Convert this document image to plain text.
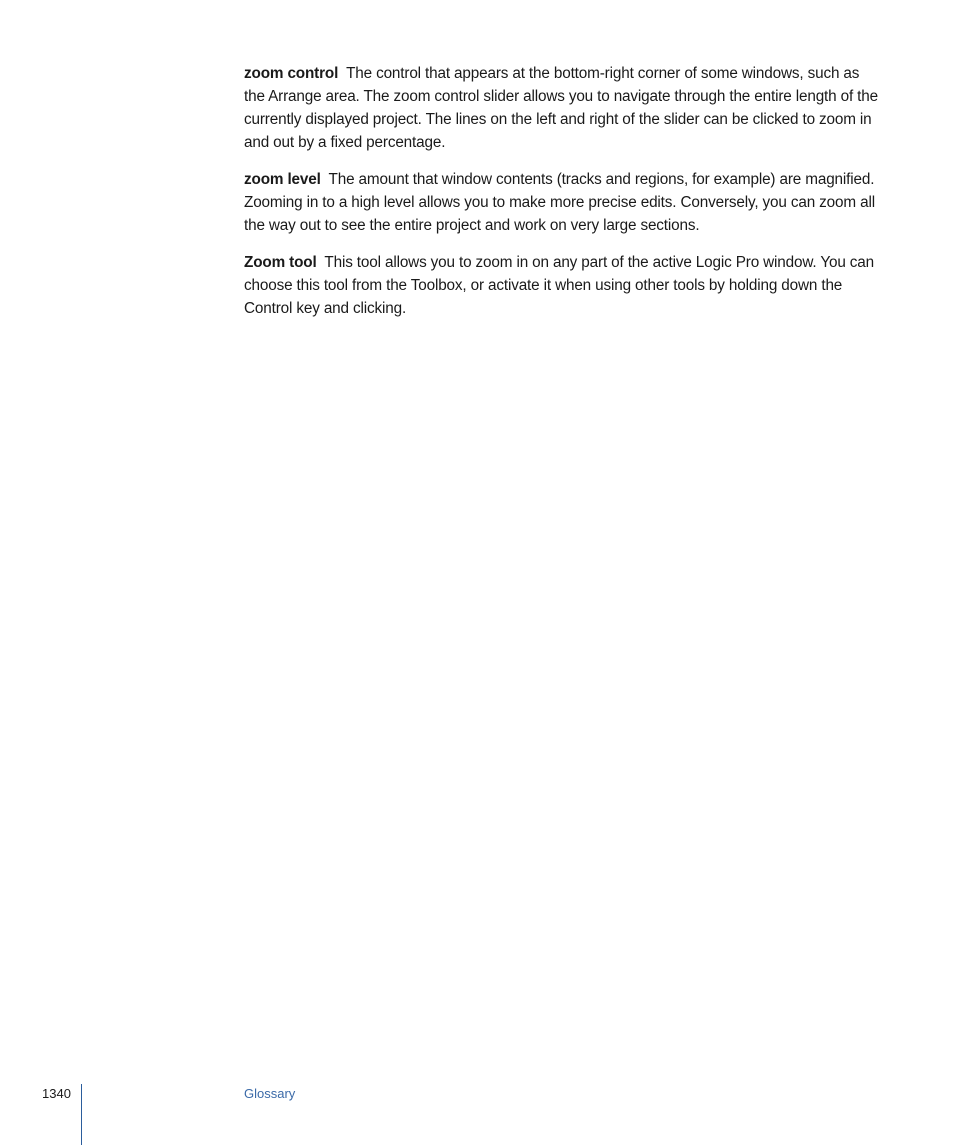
zoom control The control that appears at the bottom-right corner of some windows, such as the Arrange area. The zoom control slider allows you to navigate through the entire length of the currently displayed project. The lines on the left and right of the slider can be clicked to zoom in and out by a fixed percentage.

zoom level The amount that window contents (tracks and regions, for example) are magnified. Zooming in to a high level allows you to make more precise edits. Conversely, you can zoom all the way out to see the entire project and work on very large sections.

Zoom tool This tool allows you to zoom in on any part of the active Logic Pro window. You can choose this tool from the Toolbox, or activate it when using other tools by holding down the Control key and clicking.

1340	Glossary
